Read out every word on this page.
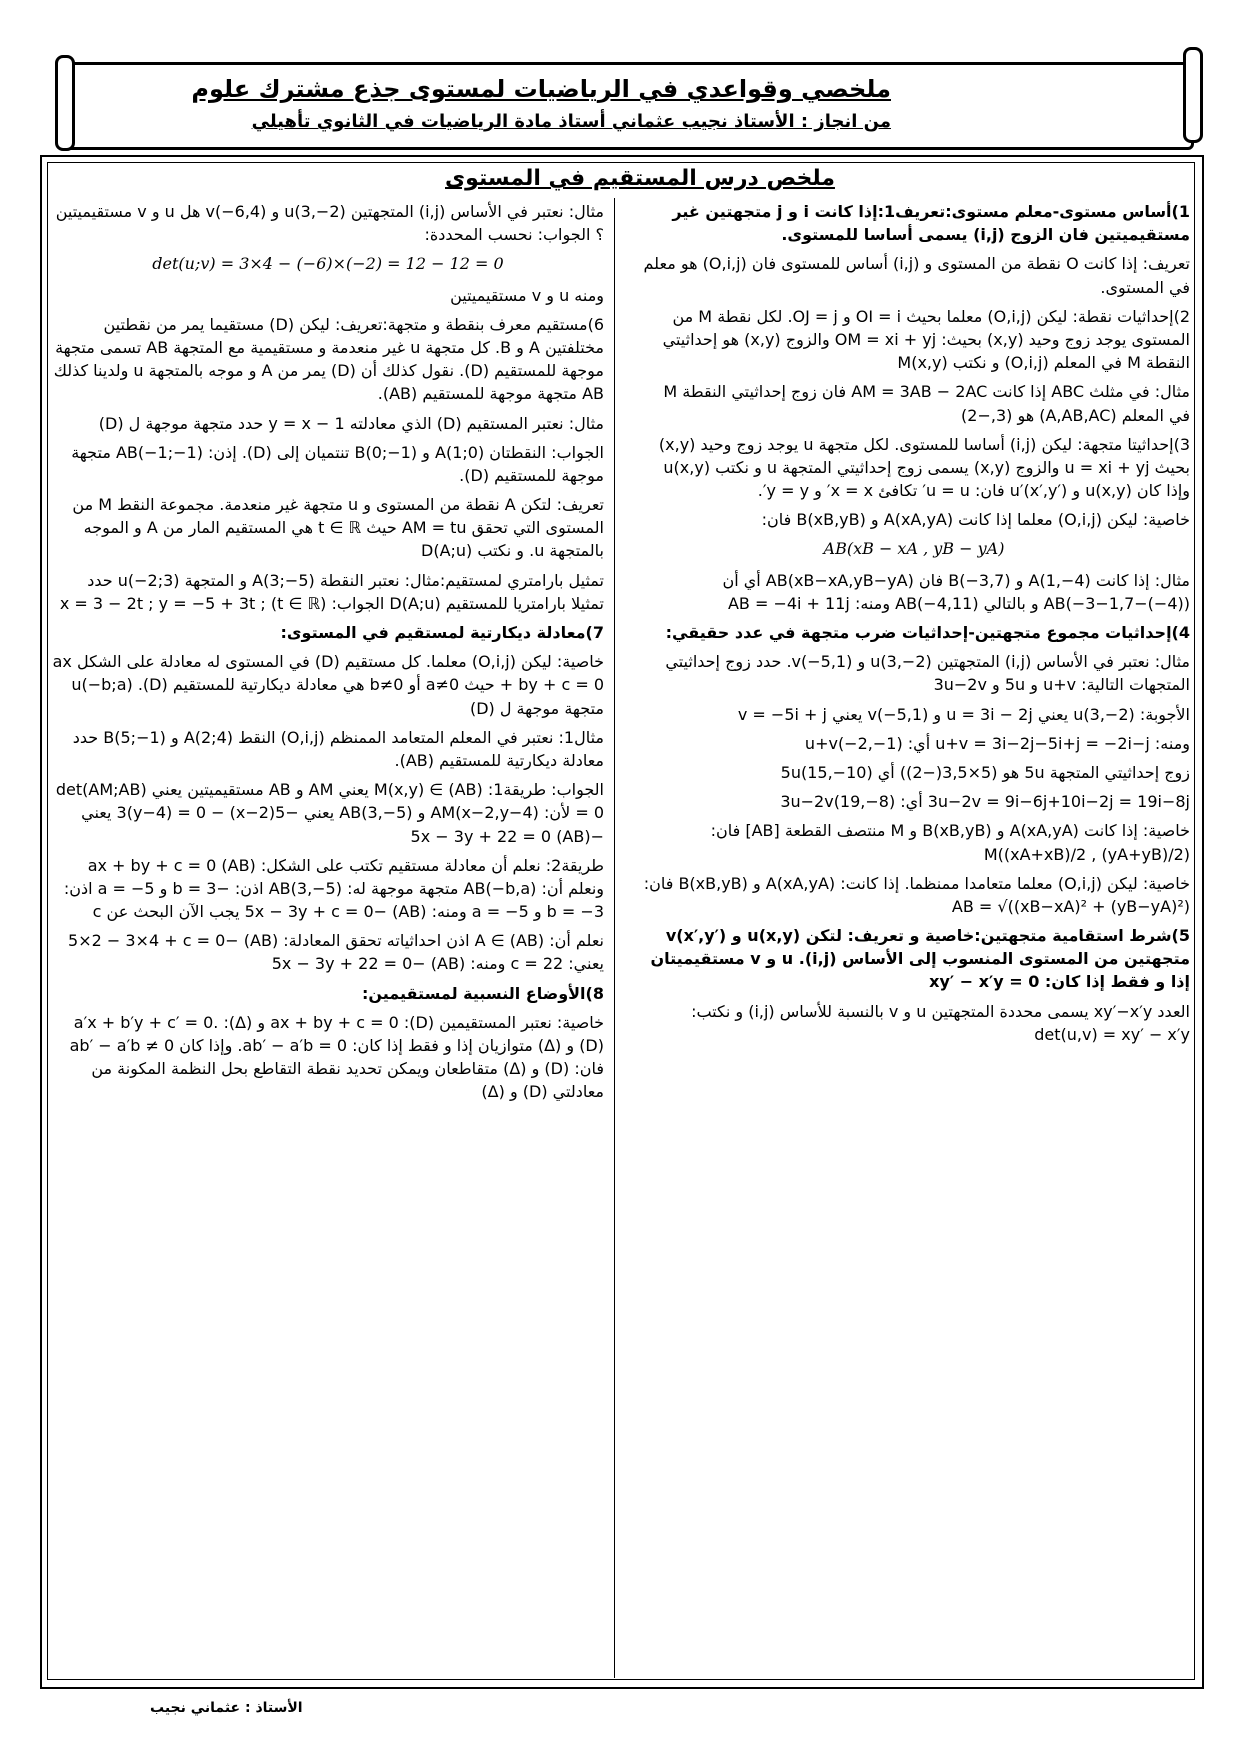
ملخصي وقواعدي في الرياضيات لمستوى جذع مشترك علوم
من انجاز : الأستاذ نجيب عثماني أستاذ مادة الرياضيات في الثانوي تأهيلي
ملخص درس المستقيم في المستوى

1)أساس مستوى-معلم مستوى:تعريف1:إذا كانت i و j متجهتين غير مستقيميتين فان الزوج (i,j) يسمى أساسا للمستوى.

تعريف: إذا كانت O نقطة من المستوى و (i,j) أساس للمستوى فان (O,i,j) هو معلم في المستوى.

2)إحداثيات نقطة: ليكن (O,i,j) معلما بحيث OI = i و OJ = j. لكل نقطة M من المستوى يوجد زوج وحيد (x,y) بحيث: OM = xi + yj والزوج (x,y) هو إحداثيتي النقطة M في المعلم (O,i,j) و نكتب M(x,y)

مثال: في مثلث ABC إذا كانت AM = 3AB − 2AC فان زوج إحداثيتي النقطة M في المعلم (A,AB,AC) هو (3,−2)

3)إحداثيتا متجهة: ليكن (i,j) أساسا للمستوى. لكل متجهة u يوجد زوج وحيد (x,y) بحيث u = xi + yj والزوج (x,y) يسمى زوج إحداثيتي المتجهة u و نكتب u(x,y) وإذا كان u(x,y) و u′(x′,y′) فان: u = u′ تكافئ x = x′ و y = y′.

خاصية: ليكن (O,i,j) معلما إذا كانت A(xA,yA) و B(xB,yB) فان:

AB(xB − xA , yB − yA)

مثال: إذا كانت A(1,−4) و B(−3,7) فان AB(xB−xA,yB−yA) أي أن AB(−3−1,7−(−4)) و بالتالي AB(−4,11) ومنه: AB = −4i + 11j

4)إحداثيات مجموع متجهتين-إحداثيات ضرب متجهة في عدد حقيقي:

مثال: نعتبر في الأساس (i,j) المتجهتين u(3,−2) و v(−5,1). حدد زوج إحداثيتي المتجهات التالية: u+v و 5u و 3u−2v

الأجوبة: u(3,−2) يعني u = 3i − 2j و v(−5,1) يعني v = −5i + j

ومنه: u+v = 3i−2j−5i+j = −2i−j أي: u+v(−2,−1)

زوج إحداثيتي المتجهة 5u هو (5×3,5(−2)) أي 5u(15,−10)

3u−2v = 9i−6j+10i−2j = 19i−8j أي: 3u−2v(19,−8)

خاصية: إذا كانت A(xA,yA) و B(xB,yB) و M منتصف القطعة [AB] فان: M((xA+xB)/2 , (yA+yB)/2)

خاصية: ليكن (O,i,j) معلما متعامدا ممنظما. إذا كانت: A(xA,yA) و B(xB,yB) فان: AB = √((xB−xA)² + (yB−yA)²)

5)شرط استقامية متجهتين:خاصية و تعريف: لتكن u(x,y) و v(x′,y′) متجهتين من المستوى المنسوب إلى الأساس (i,j). u و v مستقيميتان إذا و فقط إذا كان: xy′ − x′y = 0

العدد xy′−x′y يسمى محددة المتجهتين u و v بالنسبة للأساس (i,j) و نكتب: det(u,v) = xy′ − x′y

مثال: نعتبر في الأساس (i,j) المتجهتين u(3,−2) و v(−6,4) هل u و v مستقيميتين ؟ الجواب: نحسب المحددة:

det(u;v) = 3×4 − (−6)×(−2) = 12 − 12 = 0

ومنه u و v مستقيميتين

6)مستقيم معرف بنقطة و متجهة:تعريف: ليكن (D) مستقيما يمر من نقطتين مختلفتين A و B. كل متجهة u غير منعدمة و مستقيمية مع المتجهة AB تسمى متجهة موجهة للمستقيم (D). نقول كذلك أن (D) يمر من A و موجه بالمتجهة u ولدينا كذلك AB متجهة موجهة للمستقيم (AB).

مثال: نعتبر المستقيم (D) الذي معادلته y = x − 1 حدد متجهة موجهة ل (D)

الجواب: النقطتان A(1;0) و B(0;−1) تنتميان إلى (D). إذن: AB(−1;−1) متجهة موجهة للمستقيم (D).

تعريف: لتكن A نقطة من المستوى و u متجهة غير منعدمة. مجموعة النقط M من المستوى التي تحقق AM = tu حيث t ∈ ℝ هي المستقيم المار من A و الموجه بالمتجهة u. و نكتب D(A;u)

تمثيل بارامتري لمستقيم:مثال: نعتبر النقطة A(3;−5) و المتجهة u(−2;3) حدد تمثيلا بارامتريا للمستقيم D(A;u) الجواب: x = 3 − 2t ; y = −5 + 3t ; (t ∈ ℝ)

7)معادلة ديكارتية لمستقيم في المستوى:

خاصية: ليكن (O,i,j) معلما. كل مستقيم (D) في المستوى له معادلة على الشكل ax + by + c = 0 حيث a≠0 أو b≠0 هي معادلة ديكارتية للمستقيم (D). u(−b;a) متجهة موجهة ل (D)

مثال1: نعتبر في المعلم المتعامد الممنظم (O,i,j) النقط A(2;4) و B(5;−1) حدد معادلة ديكارتية للمستقيم (AB).

الجواب: طريقة1: M(x,y) ∈ (AB) يعني AM و AB مستقيميتين يعني det(AM;AB) = 0 لأن: AM(x−2,y−4) و AB(3,−5) يعني −5(x−2) − 3(y−4) = 0 يعني −5x − 3y + 22 = 0 (AB)

طريقة2: نعلم أن معادلة مستقيم تكتب على الشكل: ax + by + c = 0 (AB) ونعلم أن: AB(−b,a) متجهة موجهة له: AB(3,−5) اذن: −b = 3 و a = −5 اذن: b = −3 و a = −5 ومنه: (AB) −5x − 3y + c = 0 يجب الآن البحث عن c

نعلم أن: A ∈ (AB) اذن احداثياته تحقق المعادلة: (AB) −5×2 − 3×4 + c = 0 يعني: c = 22 ومنه: (AB) −5x − 3y + 22 = 0

8)الأوضاع النسبية لمستقيمين:

خاصية: نعتبر المستقيمين (D): ax + by + c = 0 و (Δ): a′x + b′y + c′ = 0. (D) و (Δ) متوازيان إذا و فقط إذا كان: ab′ − a′b = 0. وإذا كان ab′ − a′b ≠ 0 فان: (D) و (Δ) متقاطعان ويمكن تحديد نقطة التقاطع بحل النظمة المكونة من معادلتي (D) و (Δ)

الأستاذ : عثماني نجيب
